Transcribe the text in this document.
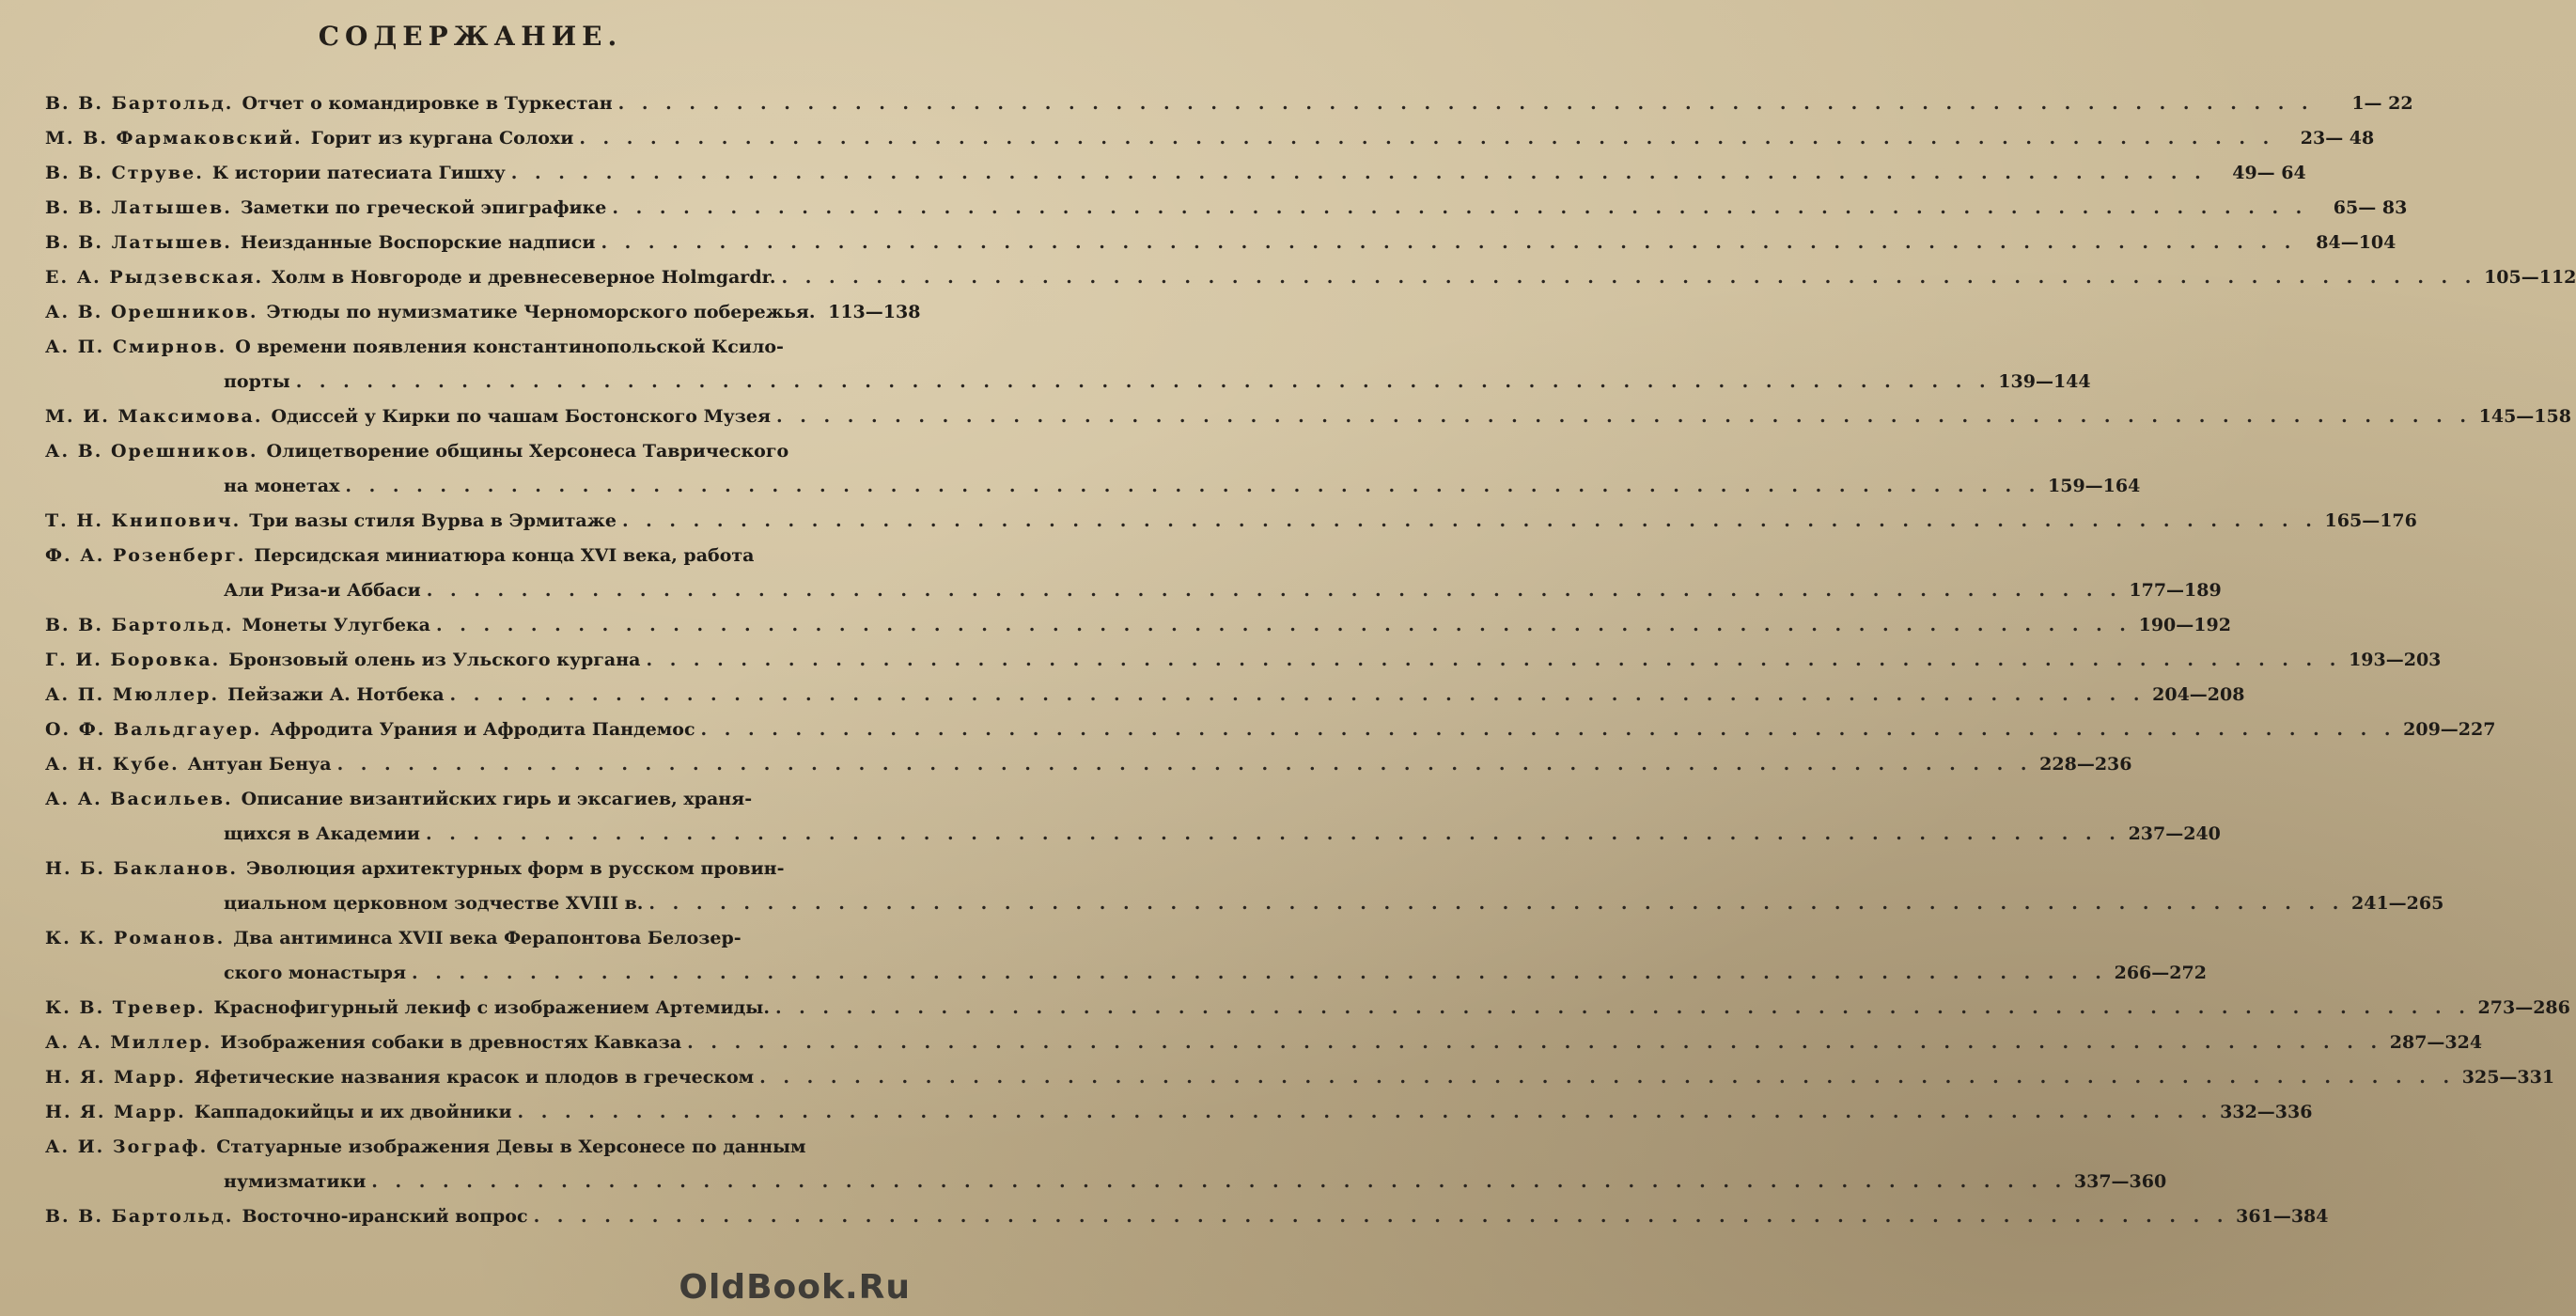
СОДЕРЖАНИЕ.
В. В. Бартольд. Отчет о командировке в Туркестан . . .	1— 22
М. В. Фармаковский. Горит из кургана Солохи . . .	23— 48
В. В. Струве. К истории патесиата Гишху . . .	49— 64
В. В. Латышев. Заметки по греческой эпиграфике . . .	65— 83
В. В. Латышев. Неизданные Воспорские надписи . . .	84—104
Е. А. Рыдзевская. Холм в Новгороде и древнесеверное Holmgardr. . . .	105—112
А. В. Орешников. Этюды по нумизматике Черноморского побережья. 113—138
А. П. Смирнов. О времени появления константинопольской Ксило-
порты . . .	139—144
М. И. Максимова. Одиссей у Кирки по чашам Бостонского Музея . . .	145—158
А. В. Орешников. Олицетворение общины Херсонеса Таврического
на монетах . . .	159—164
Т. Н. Книпович. Три вазы стиля Вурва в Эрмитаже . . .	165—176
Ф. А. Розенберг. Персидская миниатюра конца XVI века, работа
Али Риза-и Аббаси . . .	177—189
В. В. Бартольд. Монеты Улугбека . . .	190—192
Г. И. Боровка. Бронзовый олень из Ульского кургана . . .	193—203
А. П. Мюллер. Пейзажи А. Нотбека . . .	204—208
О. Ф. Вальдгауер. Афродита Урания и Афродита Пандемос . . .	209—227
А. Н. Кубе. Антуан Бенуа . . .	228—236
А. А. Васильев. Описание византийских гирь и эксагиев, храня-
щихся в Академии . . .	237—240
Н. Б. Бакланов. Эволюция архитектурных форм в русском провин-
циальном церковном зодчестве XVIII в. . . .	241—265
К. К. Романов. Два антиминса XVII века Ферапонтова Белозер-
ского монастыря . . .	266—272
К. В. Тревер. Краснофигурный лекиф с изображением Артемиды. . . .	273—286
А. А. Миллер. Изображения собаки в древностях Кавказа . . .	287—324
Н. Я. Марр. Яфетические названия красок и плодов в греческом . . .	325—331
Н. Я. Марр. Каппадокийцы и их двойники . . .	332—336
А. И. Зограф. Статуарные изображения Девы в Херсонесе по данным
нумизматики . . .	337—360
В. В. Бартольд. Восточно-иранский вопрос . . .	361—384
OldBook.Ru
